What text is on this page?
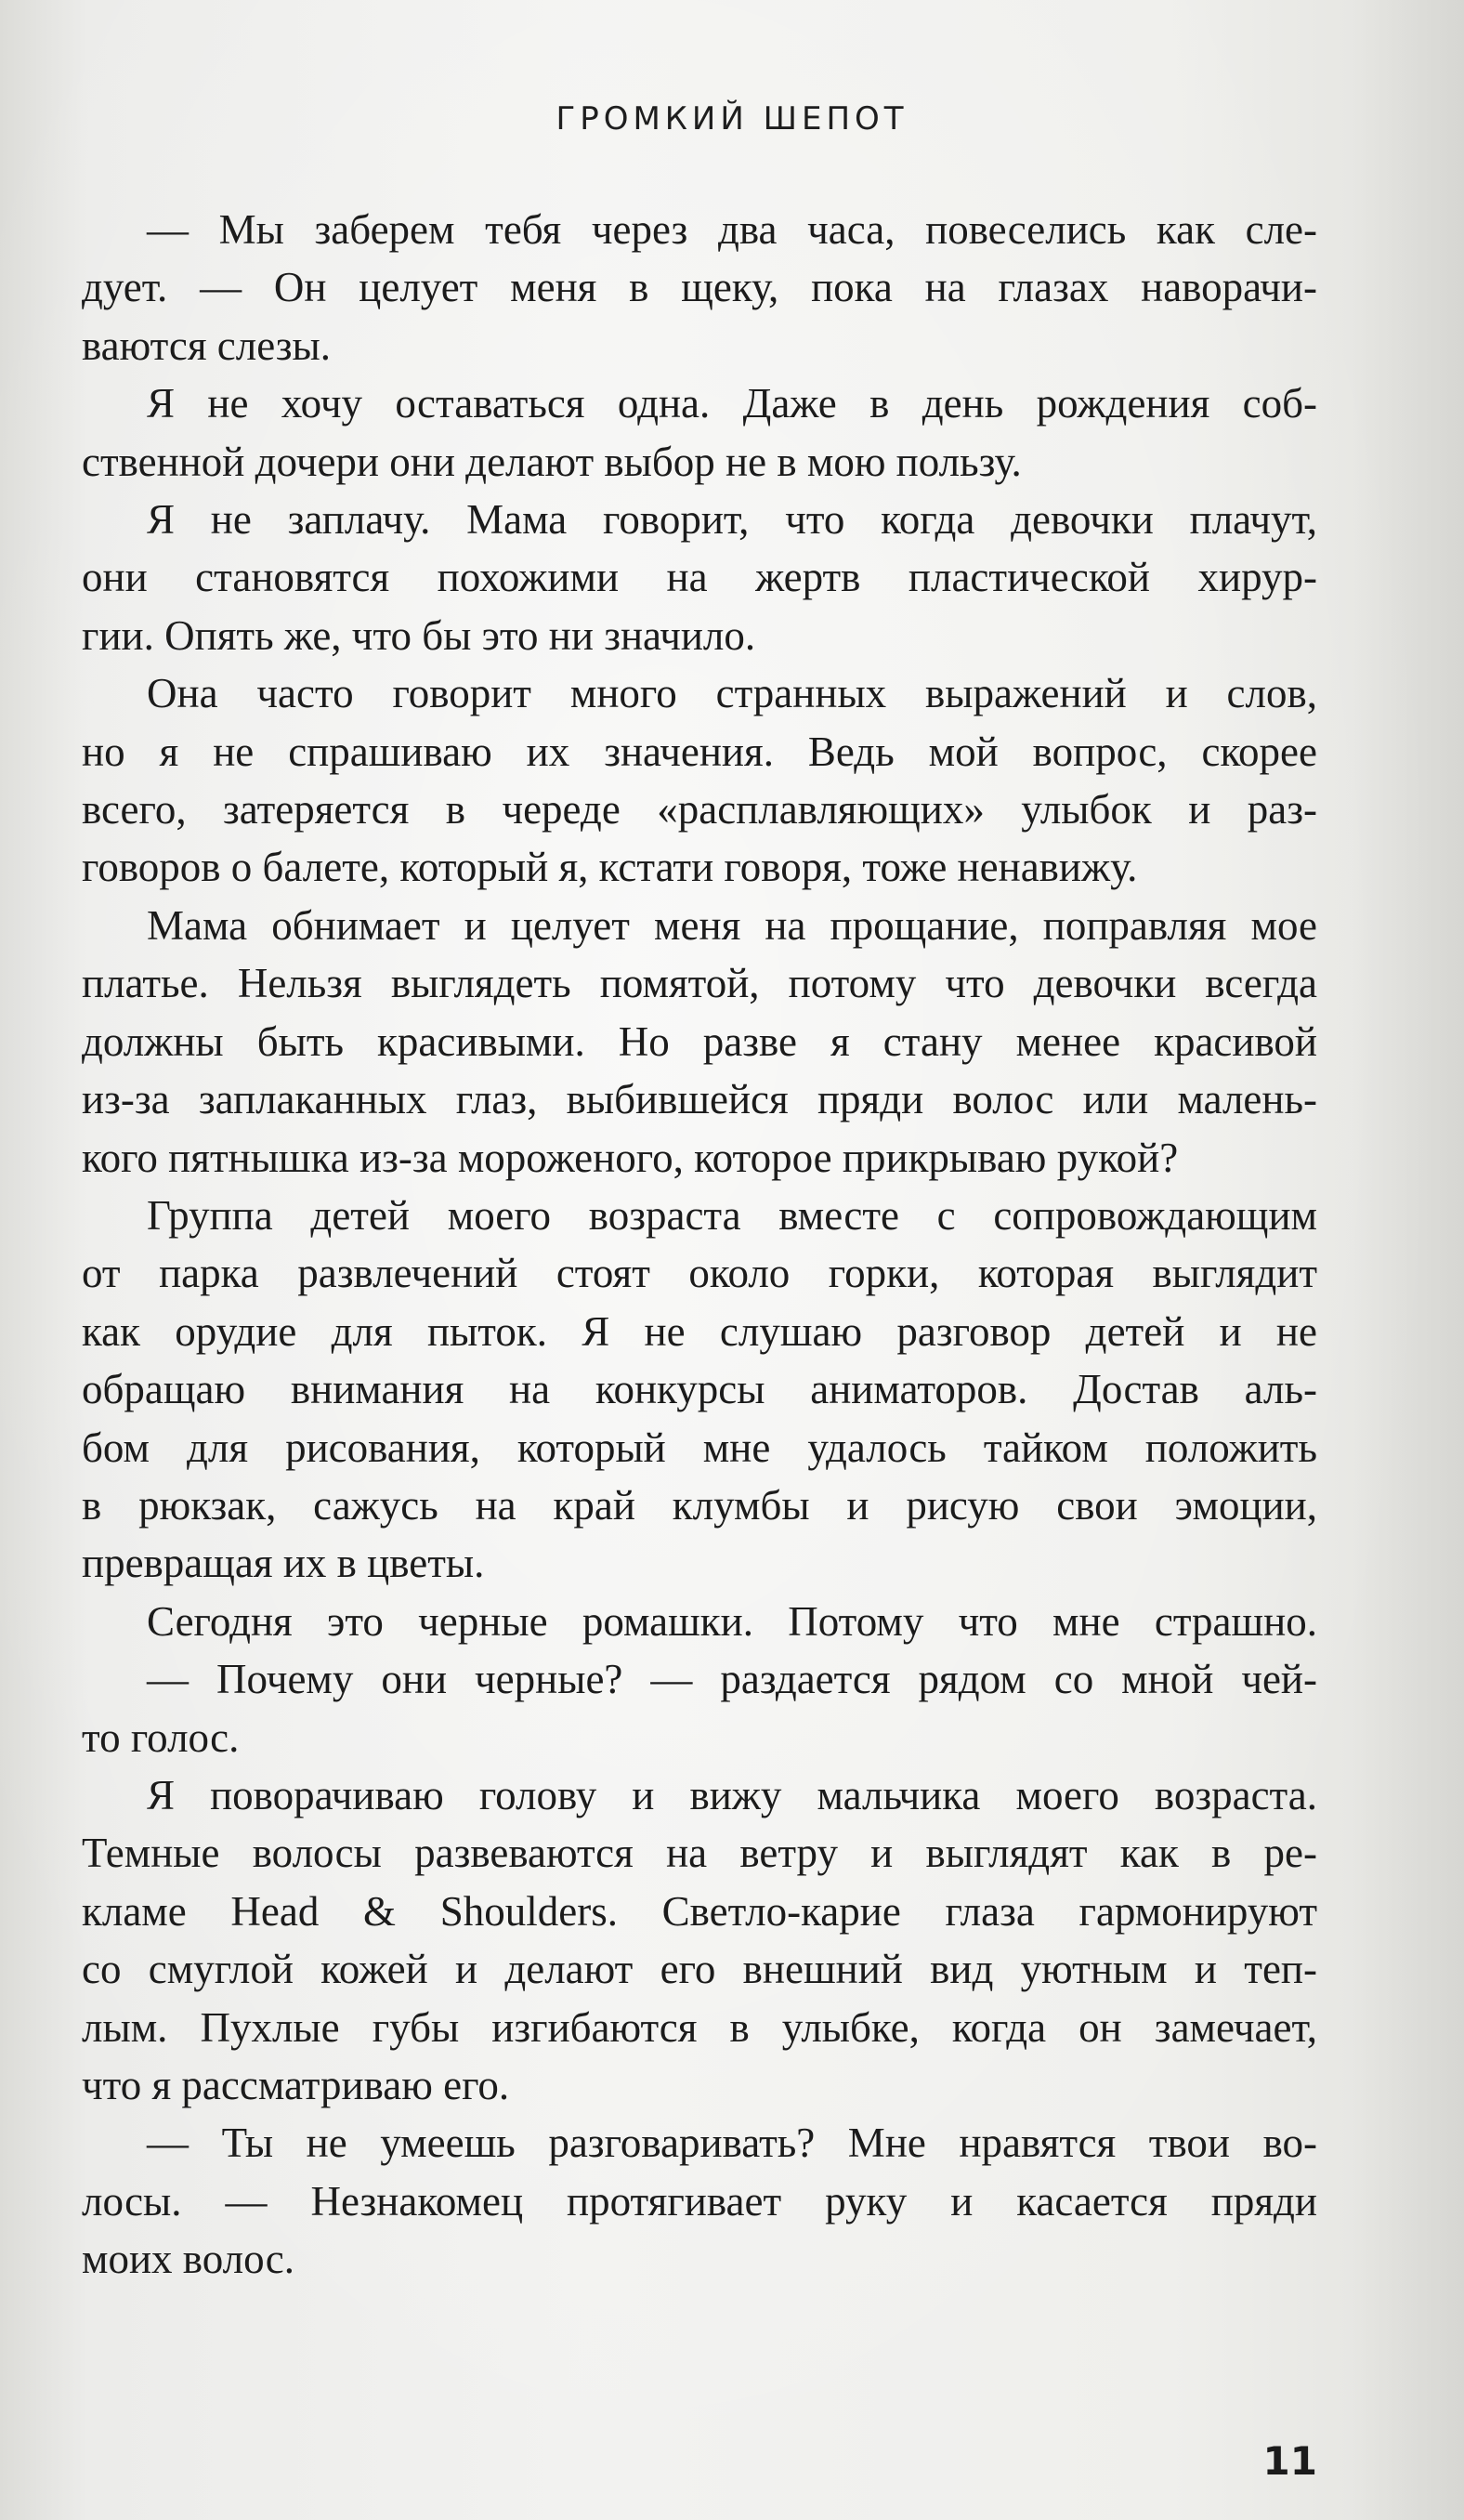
ГРОМКИЙ ШЕПОТ
— Мы заберем тебя через два часа, повеселись как сле-
дует. — Он целует меня в щеку, пока на глазах наворачи-
ваются слезы.
Я не хочу оставаться одна. Даже в день рождения соб-
ственной дочери они делают выбор не в мою пользу.
Я не заплачу. Мама говорит, что когда девочки плачут,
они становятся похожими на жертв пластической хирур-
гии. Опять же, что бы это ни значило.
Она часто говорит много странных выражений и слов,
но я не спрашиваю их значения. Ведь мой вопрос, скорее
всего, затеряется в череде «расплавляющих» улыбок и раз-
говоров о балете, который я, кстати говоря, тоже ненавижу.
Мама обнимает и целует меня на прощание, поправляя мое
платье. Нельзя выглядеть помятой, потому что девочки всегда
должны быть красивыми. Но разве я стану менее красивой
из-за заплаканных глаз, выбившейся пряди волос или малень-
кого пятнышка из-за мороженого, которое прикрываю рукой?
Группа детей моего возраста вместе с сопровождающим
от парка развлечений стоят около горки, которая выглядит
как орудие для пыток. Я не слушаю разговор детей и не
обращаю внимания на конкурсы аниматоров. Достав аль-
бом для рисования, который мне удалось тайком положить
в рюкзак, сажусь на край клумбы и рисую свои эмоции,
превращая их в цветы.
Сегодня это черные ромашки. Потому что мне страшно.
— Почему они черные? — раздается рядом со мной чей-
то голос.
Я поворачиваю голову и вижу мальчика моего возраста.
Темные волосы развеваются на ветру и выглядят как в ре-
кламе Head & Shoulders. Светло-карие глаза гармонируют
со смуглой кожей и делают его внешний вид уютным и теп-
лым. Пухлые губы изгибаются в улыбке, когда он замечает,
что я рассматриваю его.
— Ты не умеешь разговаривать? Мне нравятся твои во-
лосы. — Незнакомец протягивает руку и касается пряди
моих волос.
11
